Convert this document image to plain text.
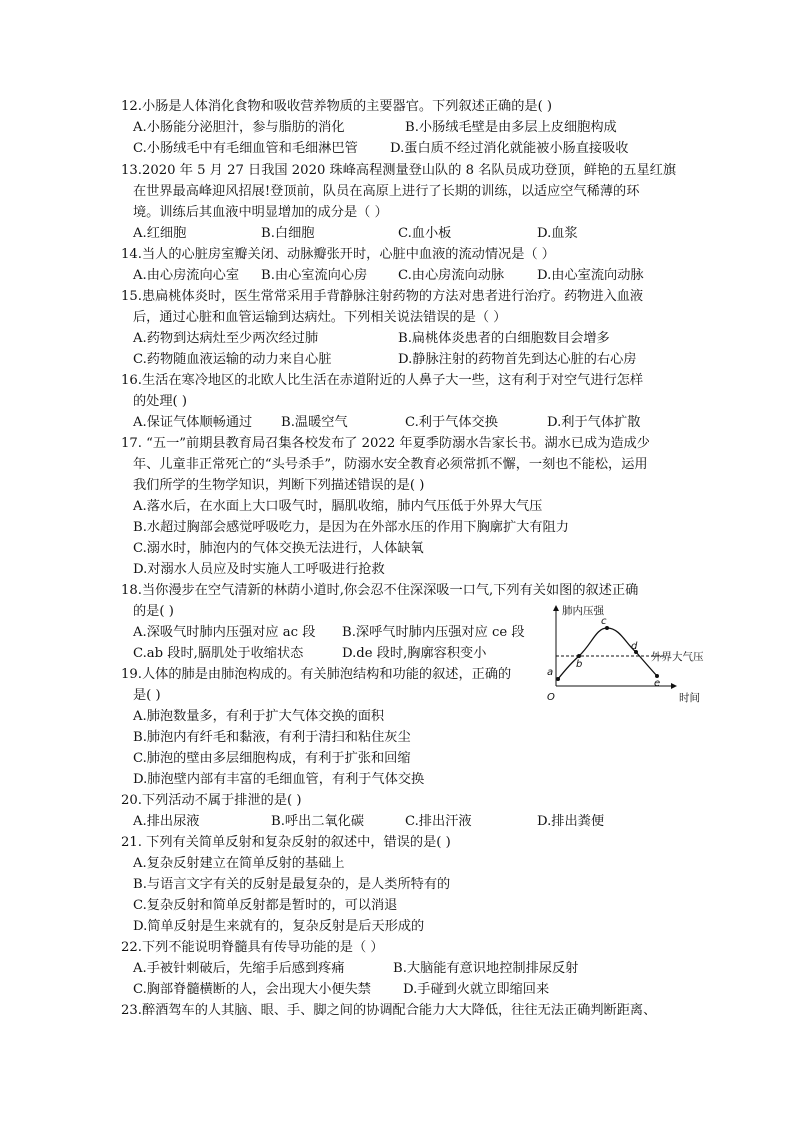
12.小肠是人体消化食物和吸收营养物质的主要器官。下列叙述正确的是( )
A.小肠能分泌胆汁，参与脂肪的消化	B.小肠绒毛壁是由多层上皮细胞构成
C.小肠绒毛中有毛细血管和毛细淋巴管 D.蛋白质不经过消化就能被小肠直接吸收
13.2020 年 5 月 27 日我国 2020 珠峰高程测量登山队的 8 名队员成功登顶，鲜艳的五星红旗
在世界最高峰迎风招展!登顶前，队员在高原上进行了长期的训练，以适应空气稀薄的环
境。训练后其血液中明显增加的成分是（ ）
A.红细胞	B.白细胞	C.血小板	D.血浆
14.当人的心脏房室瓣关闭、动脉瓣张开时，心脏中血液的流动情况是（ ）
A.由心房流向心室 B.由心室流向心房 C.由心房流向动脉 D.由心室流向动脉
15.患扁桃体炎时，医生常常采用手背静脉注射药物的方法对患者进行治疗。药物进入血液
后，通过心脏和血管运输到达病灶。下列相关说法错误的是（ ）
A.药物到达病灶至少两次经过肺	B.扁桃体炎患者的白细胞数目会增多
C.药物随血液运输的动力来自心脏	D.静脉注射的药物首先到达心脏的右心房
16.生活在寒冷地区的北欧人比生活在赤道附近的人鼻子大一些，这有利于对空气进行怎样
的处理( )
A.保证气体顺畅通过 B.温暖空气	C.利于气体交换	D.利于气体扩散
17. “五一”前期县教育局召集各校发布了 2022 年夏季防溺水告家长书。湖水已成为造成少
年、儿童非正常死亡的“头号杀手”，防溺水安全教育必须常抓不懈，一刻也不能松，运用
我们所学的生物学知识，判断下列描述错误的是( )
A.落水后，在水面上大口吸气时，膈肌收缩，肺内气压低于外界大气压
B.水超过胸部会感觉呼吸吃力，是因为在外部水压的作用下胸廓扩大有阻力
C.溺水时，肺泡内的气体交换无法进行，人体缺氧
D.对溺水人员应及时实施人工呼吸进行抢救
18.当你漫步在空气清新的林荫小道时,你会忍不住深深吸一口气,下列有关如图的叙述正确
的是( )
A.深吸气时肺内压强对应 ac 段 B.深呼气时肺内压强对应 ce 段
C.ab 段时,膈肌处于收缩状态	D.de 段时,胸廓容积变小
19.人体的肺是由肺泡构成的。有关肺泡结构和功能的叙述，正确的
是( )
A.肺泡数量多，有利于扩大气体交换的面积
B.肺泡内有纤毛和黏液，有利于清扫和粘住灰尘
C.肺泡的壁由多层细胞构成，有利于扩张和回缩
D.肺泡壁内部有丰富的毛细血管，有利于气体交换
20.下列活动不属于排泄的是( )
A.排出尿液	B.呼出二氧化碳	C.排出汗液	D.排出粪便
21. 下列有关简单反射和复杂反射的叙述中，错误的是( )
A.复杂反射建立在简单反射的基础上
B.与语言文字有关的反射是最复杂的，是人类所特有的
C.复杂反射和简单反射都是暂时的，可以消退
D.简单反射是生来就有的，复杂反射是后天形成的
22.下列不能说明脊髓具有传导功能的是（ ）
A.手被针刺破后，先缩手后感到疼痛	B.大脑能有意识地控制排尿反射
C.胸部脊髓横断的人，会出现大小便失禁 D.手碰到火就立即缩回来
23.醉酒驾车的人其脑、眼、手、脚之间的协调配合能力大大降低，往往无法正确判断距离、
肺内压强
时间
O
外界大气压
a
b
c
d
e
